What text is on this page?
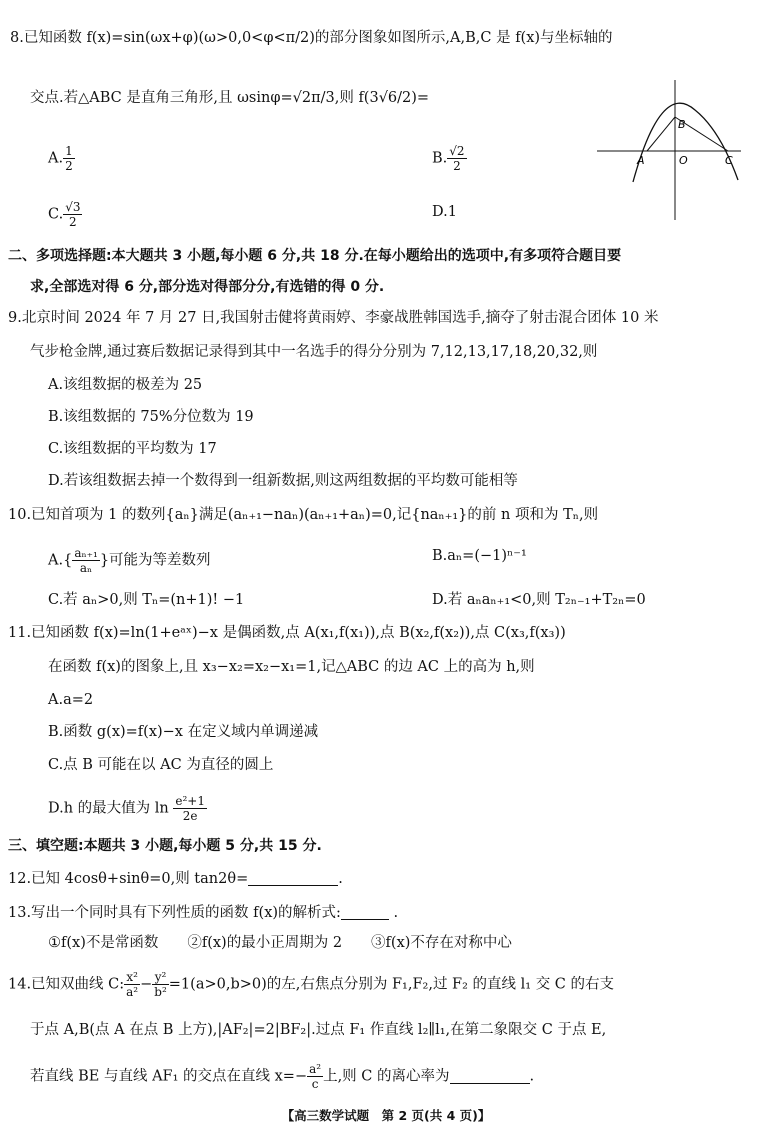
8.已知函数 f(x)=sin(ωx+φ)(ω>0,0<φ<π/2)的部分图象如图所示,A,B,C 是 f(x)与坐标轴的
交点.若△ABC 是直角三角形,且 ωsinφ=√2π/3,则 f(3√6/2)=
A. $\frac{1}{2}$	B. $\frac{√2}{2}$
C. $\frac{√3}{2}$	D.1
A
B
O	C
二、多项选择题:本大题共 3 小题,每小题 6 分,共 18 分.在每小题给出的选项中,有多项符合题目要
求,全部选对得 6 分,部分选对得部分分,有选错的得 0 分.
9.北京时间 2024 年 7 月 27 日,我国射击健将黄雨婷、李豪战胜韩国选手,摘夺了射击混合团体 10 米
气步枪金牌,通过赛后数据记录得到其中一名选手的得分分别为 7,12,13,17,18,20,32,则
A.该组数据的极差为 25
B.该组数据的 75%分位数为 19
C.该组数据的平均数为 17
D.若该组数据去掉一个数得到一组新数据,则这两组数据的平均数可能相等
10.已知首项为 1 的数列{aₙ}满足(aₙ₊₁−naₙ)(aₙ₊₁+aₙ)=0,记{naₙ₊₁}的前 n 项和为 Tₙ,则
$A.\{ \frac{\text{aₙ₊₁}}{\text{aₙ}}$ }可能为等差数列	B.aₙ=(−1)ⁿ⁻¹
C.若 aₙ>0,则 Tₙ=(n+1)! −1	D.若 aₙaₙ₊₁<0,则 T₂ₙ₋₁+T₂ₙ=0
11.已知函数 f(x)=ln(1+eᵃˣ)−x 是偶函数,点 A(x₁,f(x₁)),点 B(x₂,f(x₂)),点 C(x₃,f(x₃))
在函数 f(x)的图象上,且 x₃−x₂=x₂−x₁=1,记△ABC 的边 AC 上的高为 h,则
A.a=2
B.函数 g(x)=f(x)−x 在定义域内单调递减
C.点 B 可能在以 AC 为直径的圆上
D.h 的最大值为 $\ln \frac{\text{e²+1}}{2e}$
三、填空题:本题共 3 小题,每小题 5 分,共 15 分.
12.已知 4cosθ+sinθ=0,则 tan2θ=	.
13.写出一个同时具有下列性质的函数 f(x)的解析式:	.
①f(x)不是常函数　　②f(x)的最小正周期为 2　　③f(x)不存在对称中心
14.已知双曲线 C: $\frac{\text{x²}}{\text{a²}} - \frac{\text{y²}}{\text{b²}} =1(a>0,b>0)$的左,右焦点分别为 F₁,F₂,过 F₂ 的直线 l₁ 交 C 的右支
于点 A,B(点 A 在点 B 上方),|AF₂|=2|BF₂|.过点 F₁ 作直线 l₂∥l₁,在第二象限交 C 于点 E,
若直线 BE 与直线 AF₁ 的交点在直线 $x=- \frac{\text{a²}}{c}$ 上,则 C 的离心率为	.
【高三数学试题　第 2 页(共 4 页)】
